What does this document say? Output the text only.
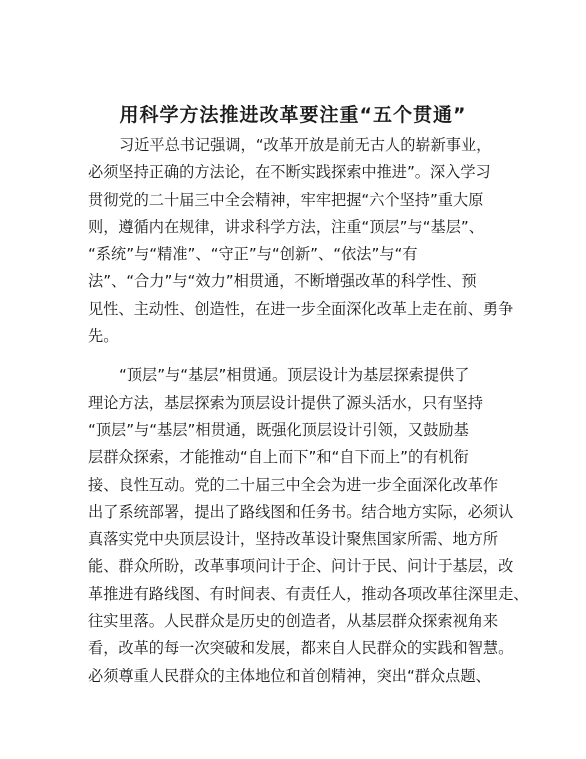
用科学方法推进改革要注重“五个贯通”

习近平总书记强调，“改革开放是前无古人的崭新事业，
必须坚持正确的方法论，在不断实践探索中推进”。深入学习
贯彻党的二十届三中全会精神，牢牢把握“六个坚持”重大原
则，遵循内在规律，讲求科学方法，注重“顶层”与“基层”、
“系统”与“精准”、“守正”与“创新”、“依法”与“有
法”、“合力”与“效力”相贯通，不断增强改革的科学性、预
见性、主动性、创造性，在进一步全面深化改革上走在前、勇争
先。

“顶层”与“基层”相贯通。顶层设计为基层探索提供了
理论方法，基层探索为顶层设计提供了源头活水，只有坚持
“顶层”与“基层”相贯通，既强化顶层设计引领，又鼓励基
层群众探索，才能推动“自上而下”和“自下而上”的有机衔
接、良性互动。党的二十届三中全会为进一步全面深化改革作
出了系统部署，提出了路线图和任务书。结合地方实际，必须认
真落实党中央顶层设计，坚持改革设计聚焦国家所需、地方所
能、群众所盼，改革事项问计于企、问计于民、问计于基层，改
革推进有路线图、有时间表、有责任人，推动各项改革往深里走、
往实里落。人民群众是历史的创造者，从基层群众探索视角来
看，改革的每一次突破和发展，都来自人民群众的实践和智慧。
必须尊重人民群众的主体地位和首创精神，突出“群众点题、
